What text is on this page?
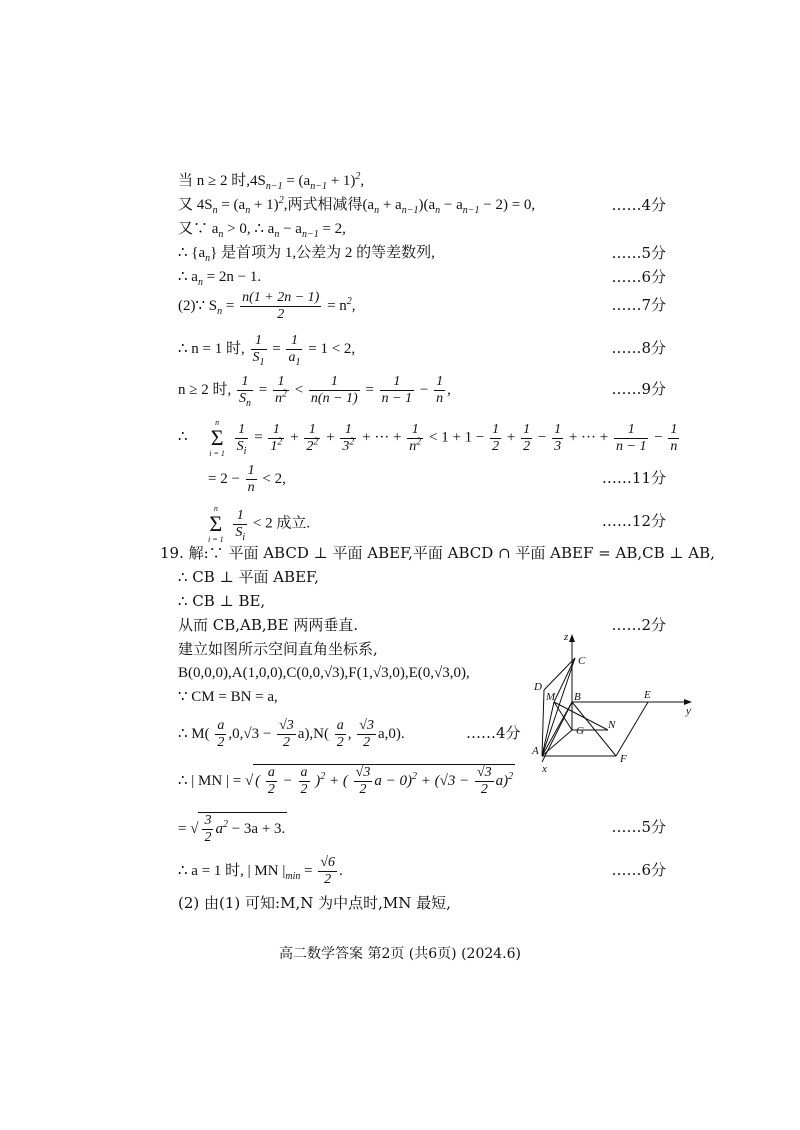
当 n ≥ 2 时$,4S_{n-1} = (a_{n-1} + 1)^2$,
又 $4S_n = (a_n + 1)^2$,两式相减得$(a_n + a_{n-1})(a_n - a_{n-1} - 2) = 0$,	……4分
又∵ $a_n > 0$, ∴ $a_n - a_{n-1} = 2$,
∴ $\{a_n\}$ 是首项为 1,公差为 2 的等差数列,	……5分
∴ $a_n = 2n - 1$.	……6分
(2)∵ $S_n = \frac{n(1 + 2n - 1)}{2} = n^2$,	……7分
∴ n = 1 时, $\frac{1}{S_1} = \frac{1}{a_1} = 1 < 2$,	……8分
n ≥ 2 时, $\frac{1}{S_n} = \frac{1}{n^2} < \frac{1}{n(n - 1)} = \frac{1}{n - 1} - \frac{1}{n}$ ,	……9分
∴
n
Σ
i = 1
$\frac{1}{S_i} = \frac{1}{1^2} + \frac{1}{2^2} + \frac{1}{3^2}$ + ··· + $\frac{1}{n^2} < 1 + 1 - \frac{1}{2} + \frac{1}{2} - \frac{1}{3}$ + ··· + $\frac{1}{n - 1} - \frac{1}{n}$
= $2 - \frac{1}{n} < 2$,	……11分
n
Σ
i = 1
$\frac{1}{S_i} < 2$ 成立.	……12分
19. 解:∵ 平面 ABCD ⊥ 平面 ABEF,平面 ABCD ∩ 平面 ABEF = AB,CB ⊥ AB,
∴ CB ⊥ 平面 ABEF,
∴ CB ⊥ BE,
从而 CB,AB,BE 两两垂直.	……2分
建立如图所示空间直角坐标系,
B(0,0,0),A(1,0,0),C(0,0,√3),F(1,√3,0),E(0,√3,0),
∵ CM = BN = a,
∴ $M( \frac{a}{2} ,0,√3 - \frac{√3}{2} a),N( \frac{a}{2}$ , $\frac{√3}{2} a,0$).	……4分
∴ | MN | = √ ( $\frac{a}{2} - \frac{a}{2} )^2$ + ( $\frac{√3}{2}$ $a - 0)^2 + (√3 - \frac{√3}{2} a)^2$
= √ $\frac{3}{2} a^2 - 3a + 3$.	……5分
∴ a = 1 时, | MN $|_{min} = \frac{√6}{2}$ .	……6分
(2) 由(1) 可知:M,N 为中点时,MN 最短,
z
C
D
M B
G N
E
y
A
x
F
高二数学答案 第2页 (共6页) (2024.6)
